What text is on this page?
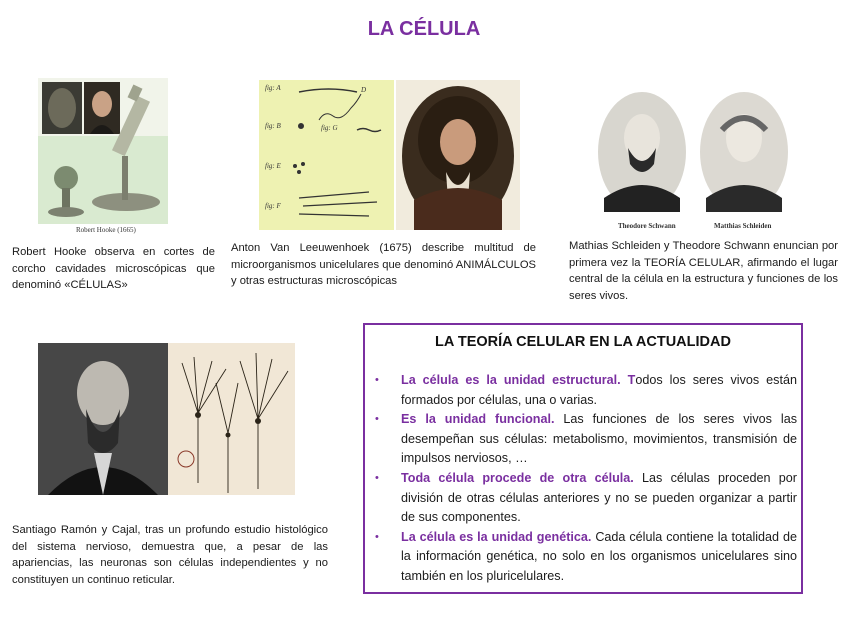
LA CÉLULA
Robert Hooke (1665)
Robert Hooke observa en cortes de corcho cavidades microscópicas que denominó «CÉLULAS»
fig: A	D
fig: B	fig: G
fig: E
fig: F
Anton Van Leeuwenhoek (1675) describe multitud de microorganismos unicelulares que denominó ANIMÁLCULOS y otras estructuras microscópicas
Theodore Schwann	Matthias Schleiden
Mathias Schleiden y Theodore Schwann enuncian por primera vez la TEORÍA CELULAR, afirmando el lugar central de la célula en la estructura y funciones de los seres vivos.
Santiago Ramón y Cajal, tras un profundo estudio histológico del sistema nervioso, demuestra que, a pesar de las apariencias, las neuronas son células independientes y no constituyen un continuo reticular.
LA TEORÍA CELULAR EN LA ACTUALIDAD
• La célula es la unidad estructural. Todos los seres vivos están formados por células, una o varias.
• Es la unidad funcional. Las funciones de los seres vivos las desempeñan sus células: metabolismo, movimientos, transmisión de impulsos nerviosos, …
• Toda célula procede de otra célula. Las células proceden por división de otras células anteriores y no se pueden organizar a partir de sus componentes.
• La célula es la unidad genética. Cada célula contiene la totalidad de la información genética, no solo en los organismos unicelulares sino también en los pluricelulares.
